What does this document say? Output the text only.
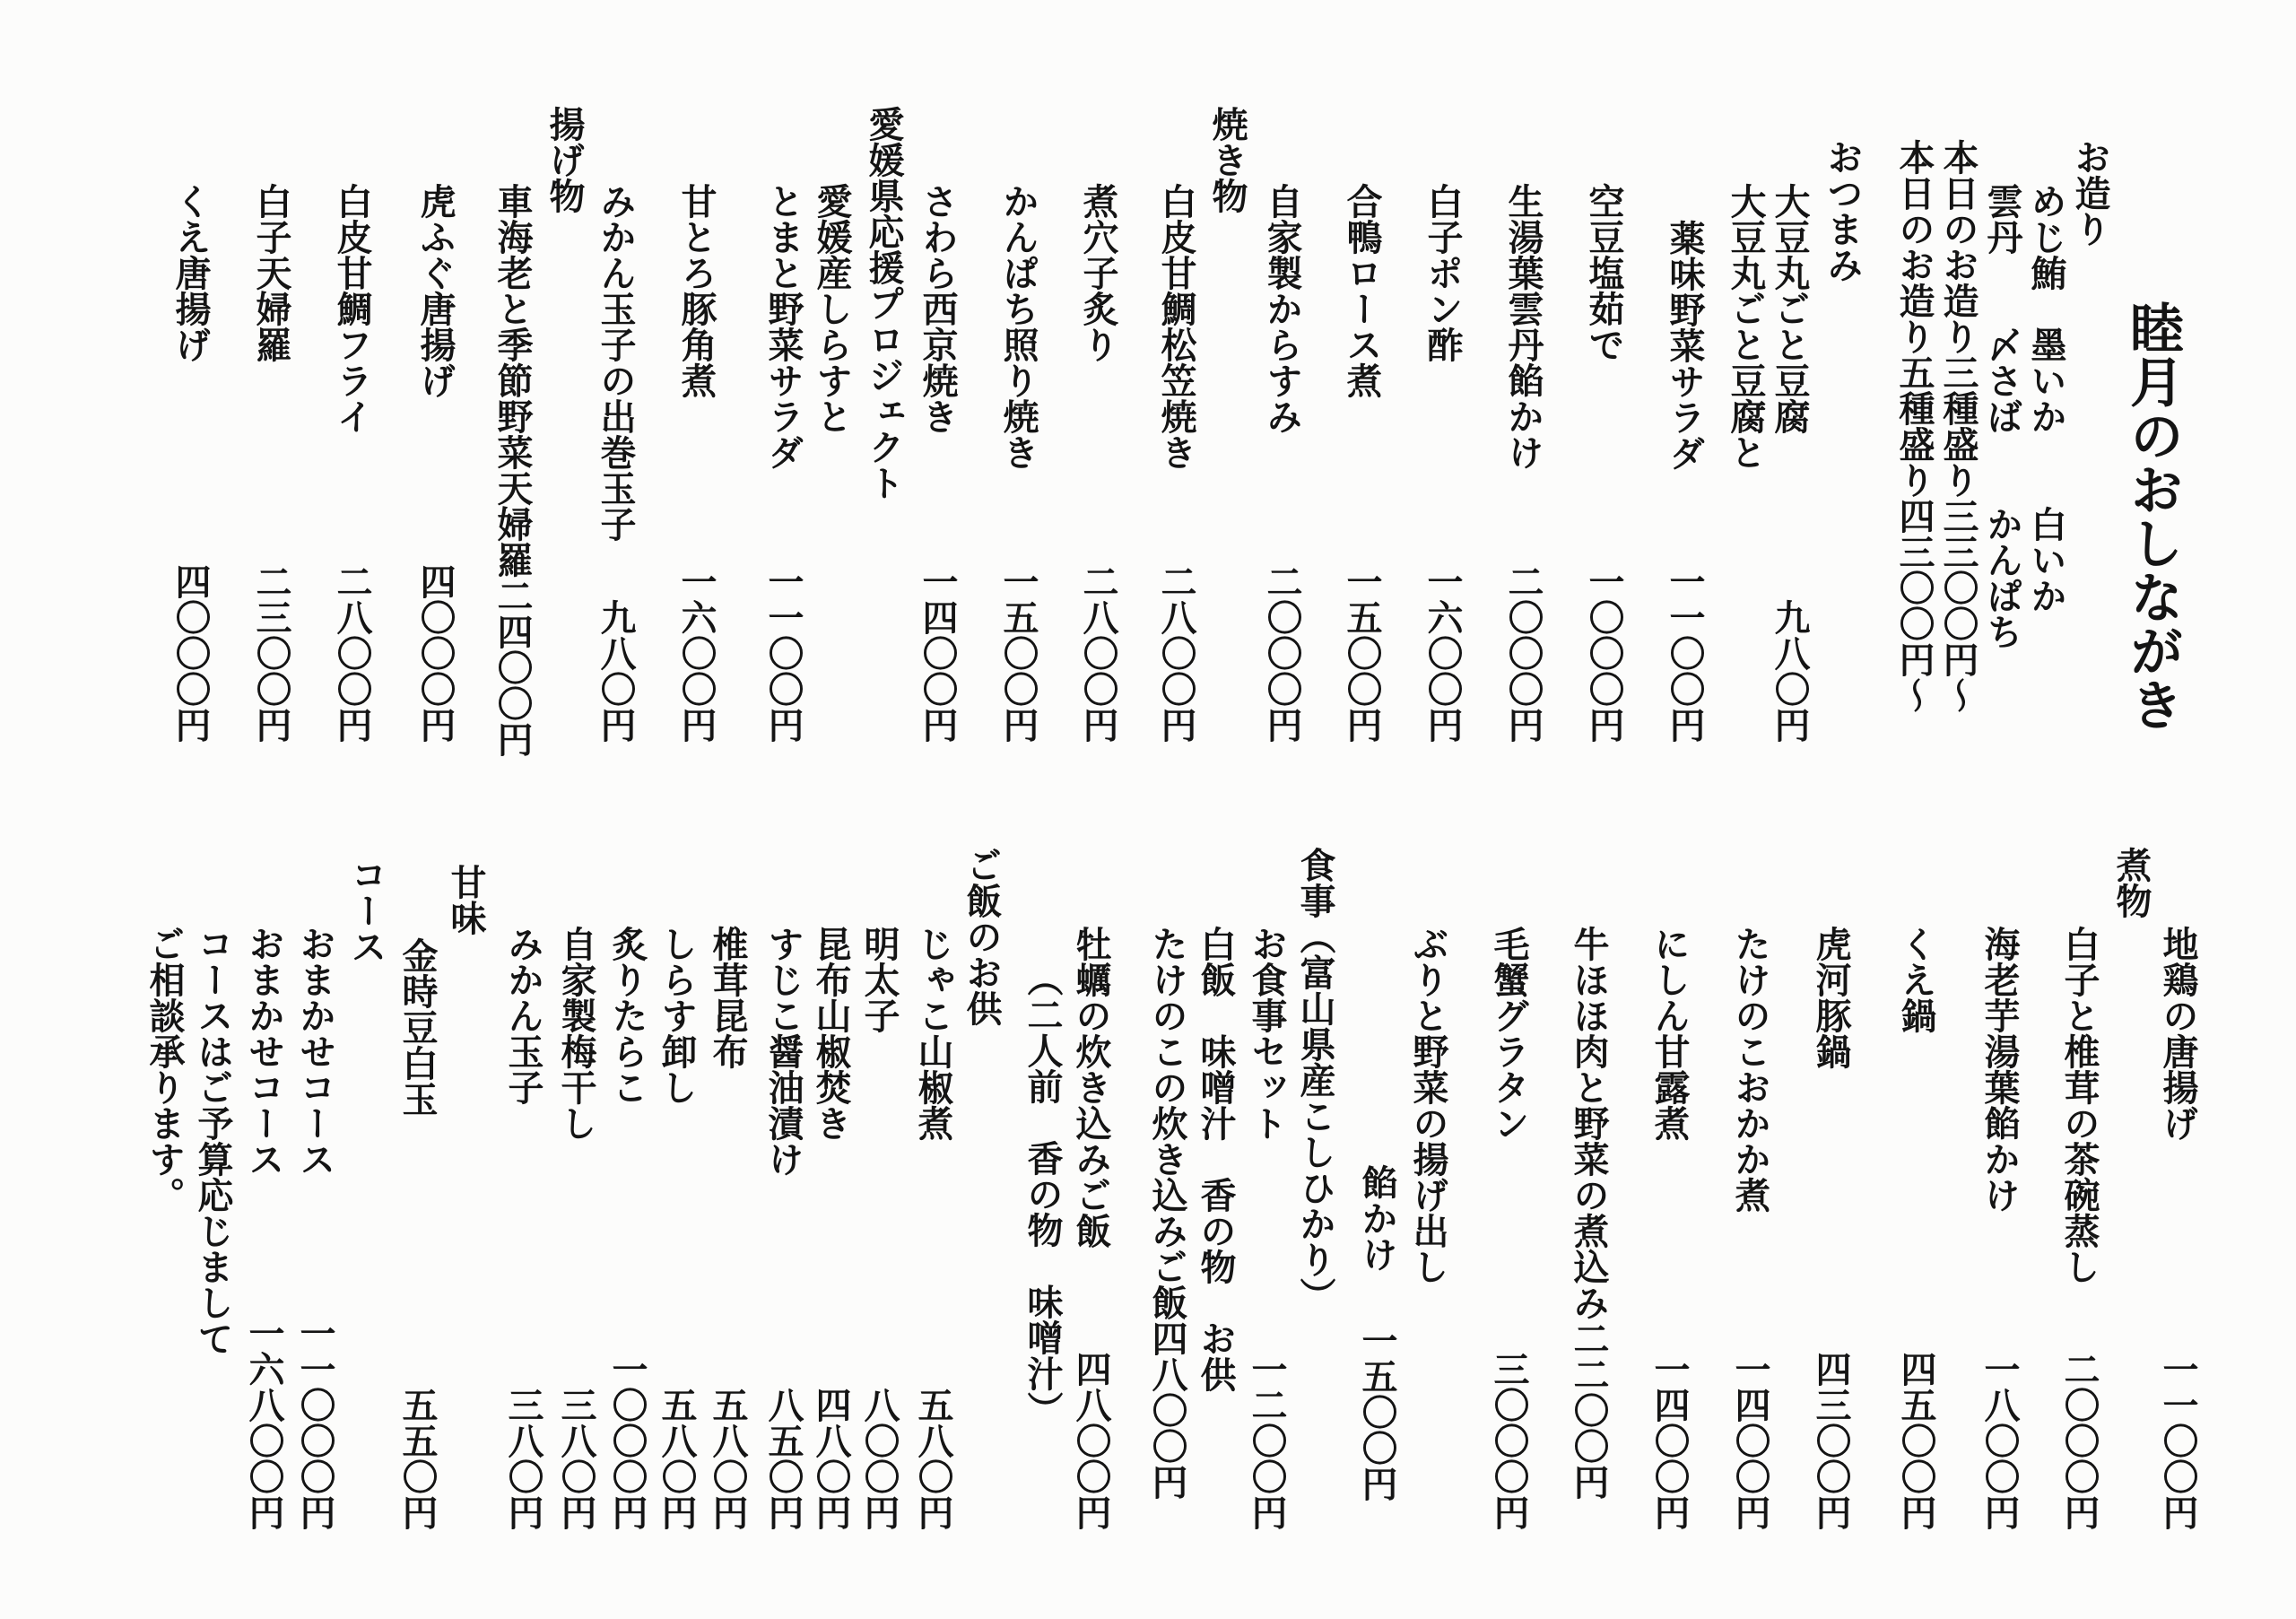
睦月のおしながき
お造り
めじ鮪　墨いか　　白いか
雲丹　　〆さば　　かんぱち
本日のお造り三種盛り三三〇〇円～
本日のお造り五種盛り四三〇〇円～
おつまみ
大豆丸ごと豆腐
九八〇円
大豆丸ごと豆腐と
薬味野菜サラダ
一一〇〇円
空豆塩茹で
一〇〇〇円
生湯葉雲丹餡かけ
二〇〇〇円
白子ポン酢
一六〇〇円
合鴨ロース煮
一五〇〇円
自家製からすみ
二〇〇〇円
焼き物
白皮甘鯛松笠焼き
二八〇〇円
煮穴子炙り
二八〇〇円
かんぱち照り焼き
一五〇〇円
さわら西京焼き
一四〇〇円
愛媛県応援プロジェクト
愛媛産しらすと
とまと野菜サラダ
一一〇〇円
甘とろ豚角煮
一六〇〇円
みかん玉子の出巻玉子
九八〇円
揚げ物
車海老と季節野菜天婦羅二四〇〇円
虎ふぐ唐揚げ
四〇〇〇円
白皮甘鯛フライ
二八〇〇円
白子天婦羅
二三〇〇円
くえ唐揚げ
四〇〇〇円
地鶏の唐揚げ
一一〇〇円
煮物
白子と椎茸の茶碗蒸し
二〇〇〇円
海老芋湯葉餡かけ
一八〇〇円
くえ鍋
四五〇〇円
虎河豚鍋
四三〇〇円
たけのこおかか煮
一四〇〇円
にしん甘露煮
一四〇〇円
牛ほほ肉と野菜の煮込み二二〇〇円
毛蟹グラタン
三〇〇〇円
ぶりと野菜の揚げ出し
餡かけ
一五〇〇円
食事（富山県産こしひかり）
お食事セット
一二〇〇円
白飯　味噌汁　香の物　お供
たけのこの炊き込みご飯四八〇〇円
牡蠣の炊き込みご飯
四八〇〇円
（二人前　香の物　味噌汁）
ご飯のお供
じゃこ山椒煮
五八〇円
明太子
八〇〇円
昆布山椒焚き
四八〇円
すじこ醤油漬け
八五〇円
椎茸昆布
五八〇円
しらす卸し
五八〇円
炙りたらこ
一〇〇〇円
自家製梅干し
三八〇円
みかん玉子
三八〇円
甘味
金時豆白玉
五五〇円
コース
おまかせコース
一一〇〇〇円
おまかせコース
一六八〇〇円
コースはご予算応じまして
ご相談承ります。
